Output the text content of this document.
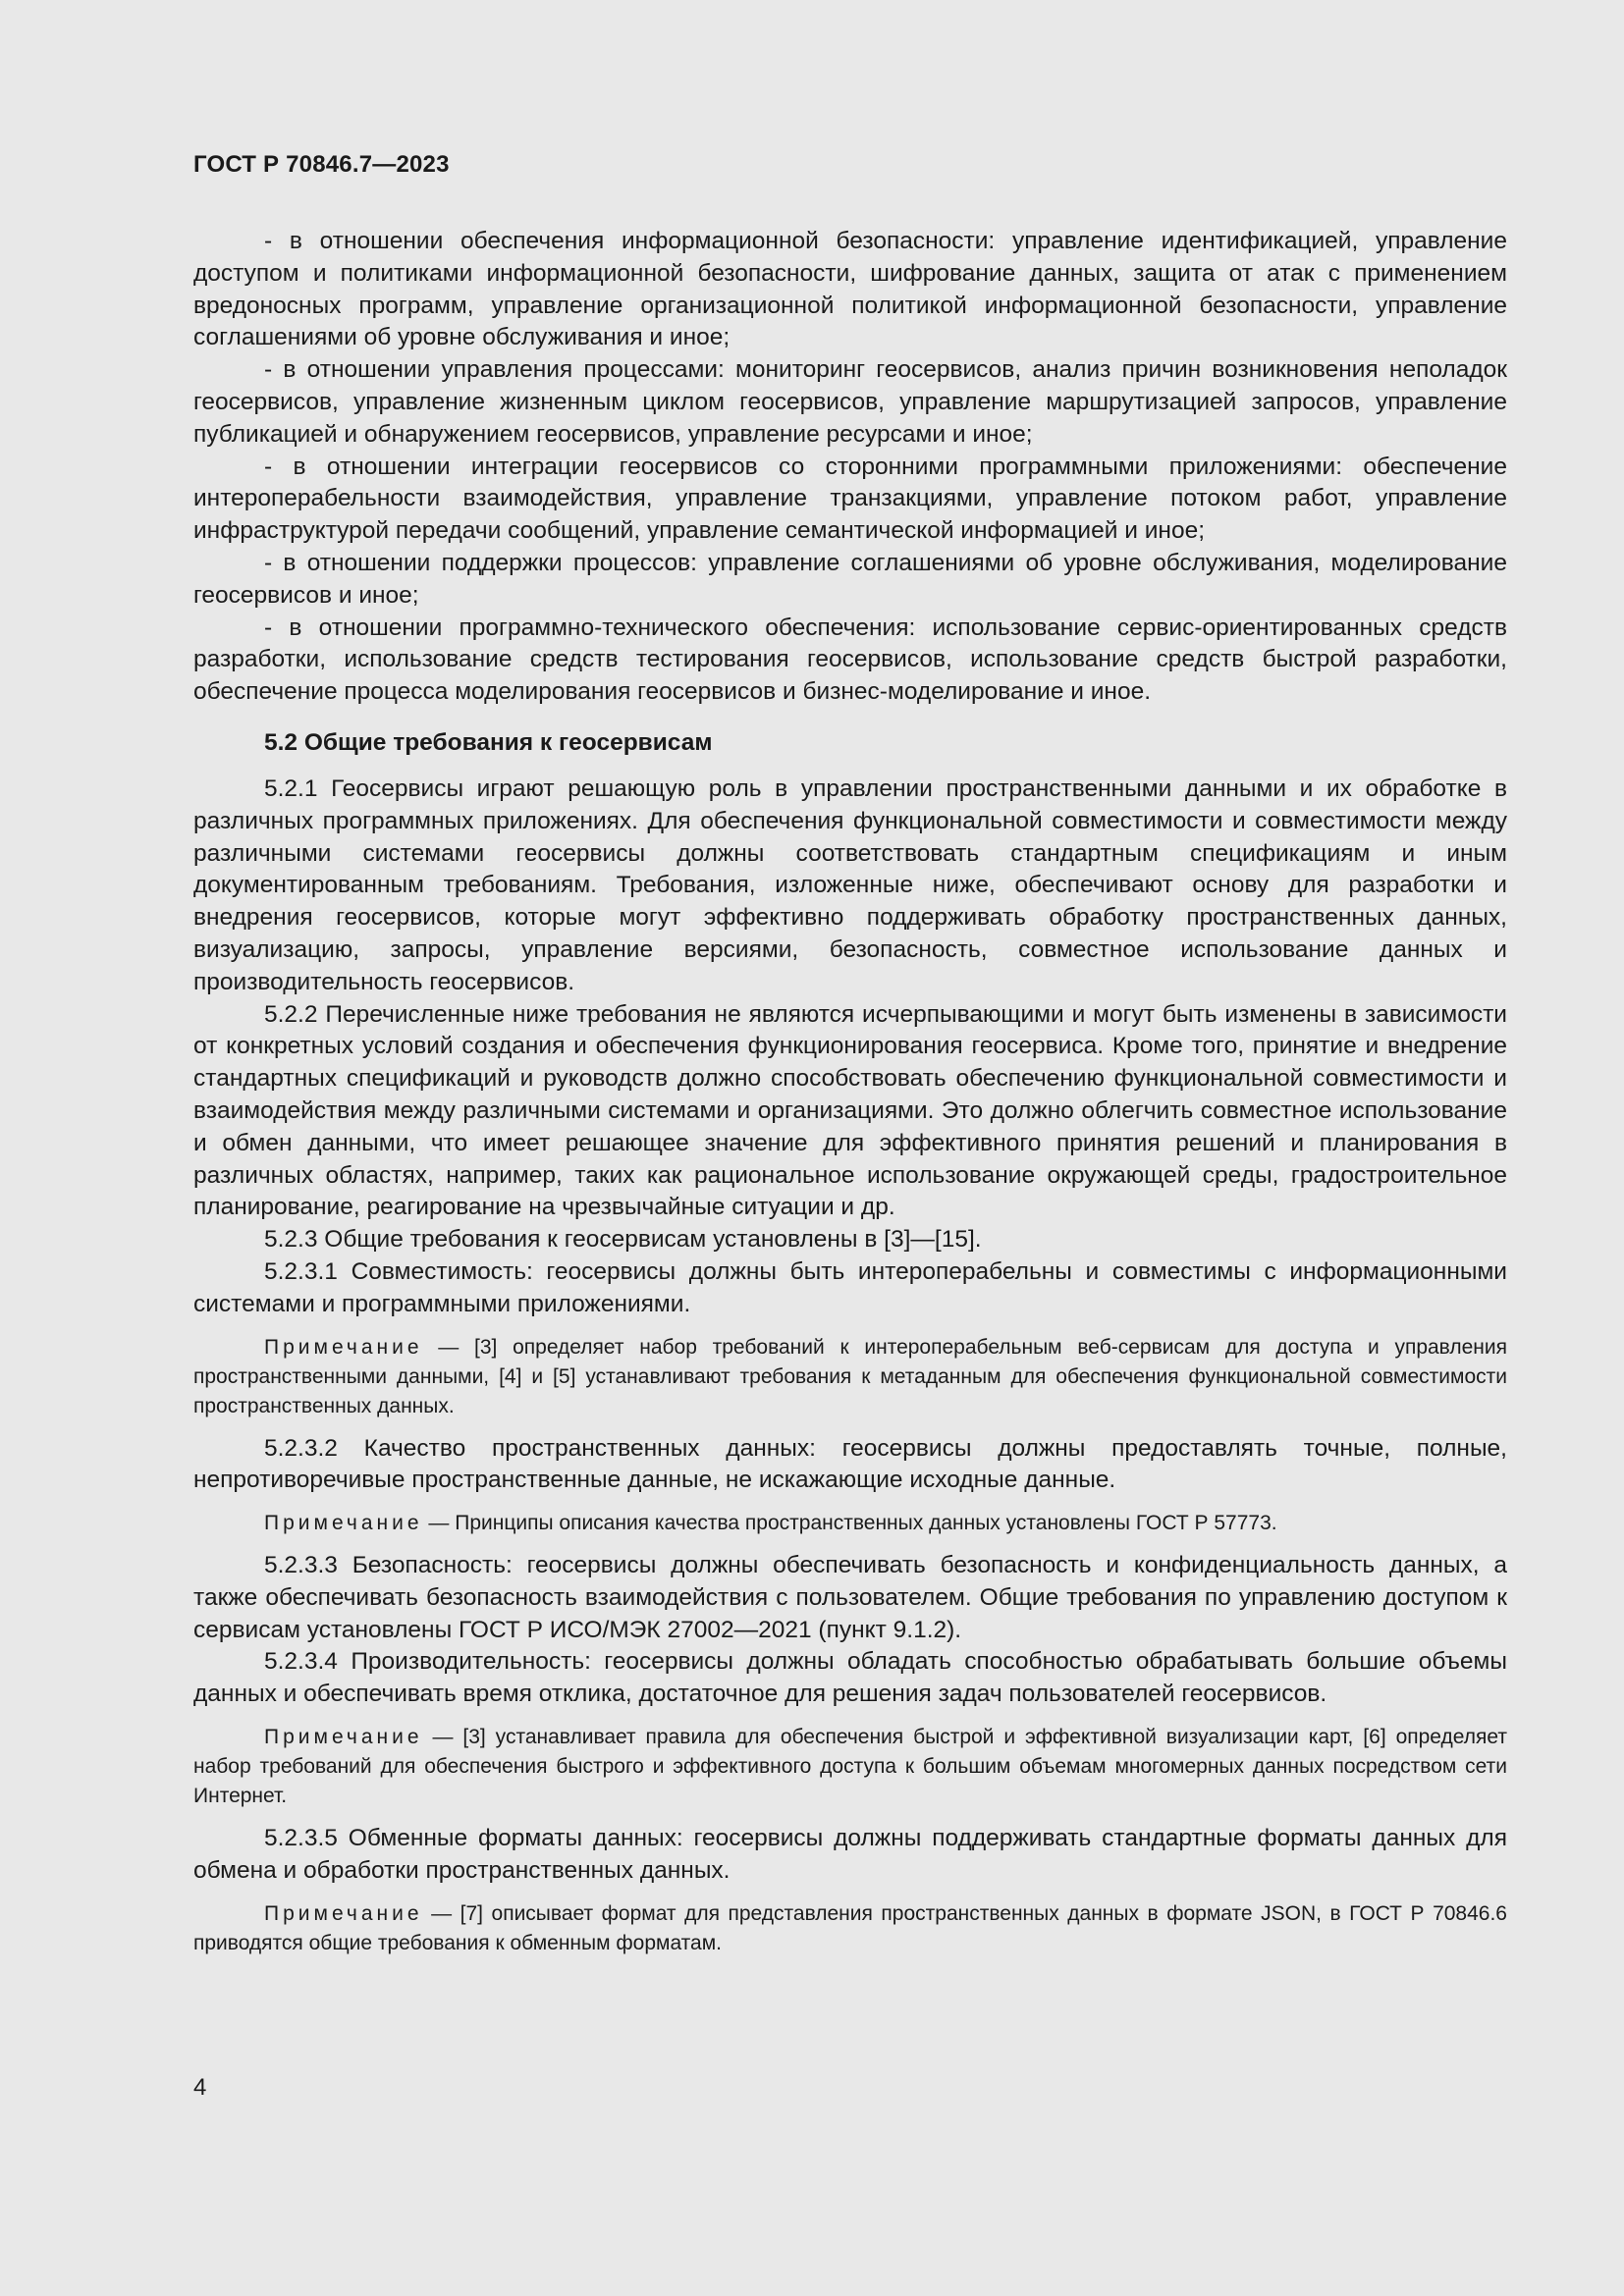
ГОСТ Р 70846.7—2023

- в отношении обеспечения информационной безопасности: управление идентификацией, управление доступом и политиками информационной безопасности, шифрование данных, защита от атак с применением вредоносных программ, управление организационной политикой информационной безопасности, управление соглашениями об уровне обслуживания и иное;

- в отношении управления процессами: мониторинг геосервисов, анализ причин возникновения неполадок геосервисов, управление жизненным циклом геосервисов, управление маршрутизацией запросов, управление публикацией и обнаружением геосервисов, управление ресурсами и иное;

- в отношении интеграции геосервисов со сторонними программными приложениями: обеспечение интероперабельности взаимодействия, управление транзакциями, управление потоком работ, управление инфраструктурой передачи сообщений, управление семантической информацией и иное;

- в отношении поддержки процессов: управление соглашениями об уровне обслуживания, моделирование геосервисов и иное;

- в отношении программно-технического обеспечения: использование сервис-ориентированных средств разработки, использование средств тестирования геосервисов, использование средств быстрой разработки, обеспечение процесса моделирования геосервисов и бизнес-моделирование и иное.

5.2 Общие требования к геосервисам

5.2.1 Геосервисы играют решающую роль в управлении пространственными данными и их обработке в различных программных приложениях. Для обеспечения функциональной совместимости и совместимости между различными системами геосервисы должны соответствовать стандартным спецификациям и иным документированным требованиям. Требования, изложенные ниже, обеспечивают основу для разработки и внедрения геосервисов, которые могут эффективно поддерживать обработку пространственных данных, визуализацию, запросы, управление версиями, безопасность, совместное использование данных и производительность геосервисов.

5.2.2 Перечисленные ниже требования не являются исчерпывающими и могут быть изменены в зависимости от конкретных условий создания и обеспечения функционирования геосервиса. Кроме того, принятие и внедрение стандартных спецификаций и руководств должно способствовать обеспечению функциональной совместимости и взаимодействия между различными системами и организациями. Это должно облегчить совместное использование и обмен данными, что имеет решающее значение для эффективного принятия решений и планирования в различных областях, например, таких как рациональное использование окружающей среды, градостроительное планирование, реагирование на чрезвычайные ситуации и др.

5.2.3 Общие требования к геосервисам установлены в [3]—[15].

5.2.3.1 Совместимость: геосервисы должны быть интероперабельны и совместимы с информационными системами и программными приложениями.

Примечание — [3] определяет набор требований к интероперабельным веб-сервисам для доступа и управления пространственными данными, [4] и [5] устанавливают требования к метаданным для обеспечения функциональной совместимости пространственных данных.

5.2.3.2 Качество пространственных данных: геосервисы должны предоставлять точные, полные, непротиворечивые пространственные данные, не искажающие исходные данные.

Примечание — Принципы описания качества пространственных данных установлены ГОСТ Р 57773.

5.2.3.3 Безопасность: геосервисы должны обеспечивать безопасность и конфиденциальность данных, а также обеспечивать безопасность взаимодействия с пользователем. Общие требования по управлению доступом к сервисам установлены ГОСТ Р ИСО/МЭК 27002—2021 (пункт 9.1.2).

5.2.3.4 Производительность: геосервисы должны обладать способностью обрабатывать большие объемы данных и обеспечивать время отклика, достаточное для решения задач пользователей геосервисов.

Примечание — [3] устанавливает правила для обеспечения быстрой и эффективной визуализации карт, [6] определяет набор требований для обеспечения быстрого и эффективного доступа к большим объемам многомерных данных посредством сети Интернет.

5.2.3.5 Обменные форматы данных: геосервисы должны поддерживать стандартные форматы данных для обмена и обработки пространственных данных.

Примечание — [7] описывает формат для представления пространственных данных в формате JSON, в ГОСТ Р 70846.6 приводятся общие требования к обменным форматам.

4
